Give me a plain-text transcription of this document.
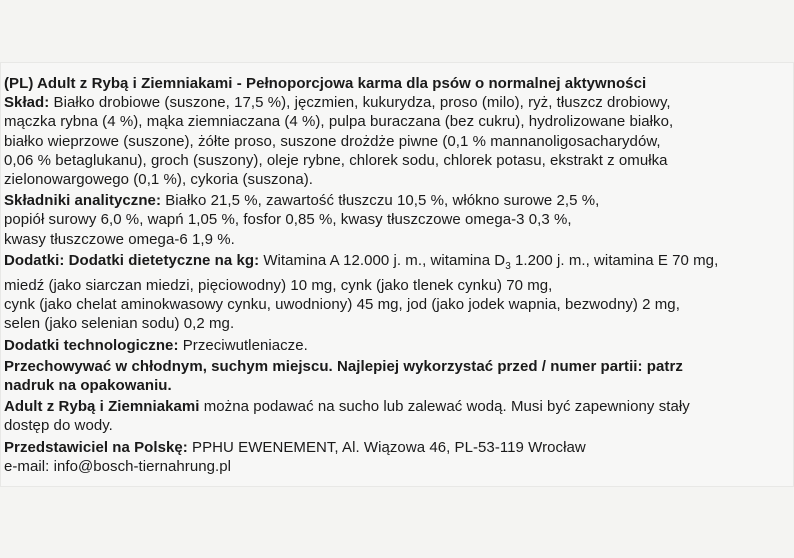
(PL) Adult z Rybą i Ziemniakami - Pełnoporcjowa karma dla psów o normalnej aktywności
Skład: Białko drobiowe (suszone, 17,5 %), jęczmien, kukurydza, proso (milo), ryż, tłuszcz drobiowy,
mączka rybna (4 %), mąka ziemniaczana (4 %), pulpa buraczana (bez cukru), hydrolizowane białko,
białko wieprzowe (suszone), żółte proso, suszone drożdże piwne (0,1 % mannanoligosacharydów,
0,06 % betaglukanu), groch (suszony), oleje rybne, chlorek sodu, chlorek potasu, ekstrakt z omułka
zielonowargowego (0,1 %), cykoria (suszona).
Składniki analityczne: Białko 21,5 %, zawartość tłuszczu 10,5 %, włókno surowe 2,5 %,
popiół surowy 6,0 %, wapń 1,05 %, fosfor 0,85 %, kwasy tłuszczowe omega-3 0,3 %,
kwasy tłuszczowe omega-6 1,9 %.
Dodatki: Dodatki dietetyczne na kg: Witamina A 12.000 j. m., witamina $D_3$ 1.200 j. m., witamina E 70 mg,
miedź (jako siarczan miedzi, pięciowodny) 10 mg, cynk (jako tlenek cynku) 70 mg,
cynk (jako chelat aminokwasowy cynku, uwodniony) 45 mg, jod (jako jodek wapnia, bezwodny) 2 mg,
selen (jako selenian sodu) 0,2 mg.
Dodatki technologiczne: Przeciwutleniacze.
Przechowywać w chłodnym, suchym miejscu. Najlepiej wykorzystać przed / numer partii: patrz
nadruk na opakowaniu.
Adult z Rybą i Ziemniakami można podawać na sucho lub zalewać wodą. Musi być zapewniony stały
dostęp do wody.
Przedstawiciel na Polskę: PPHU EWENEMENT, Al. Wiązowa 46, PL-53-119 Wrocław
e-mail: info@bosch-tiernahrung.pl
